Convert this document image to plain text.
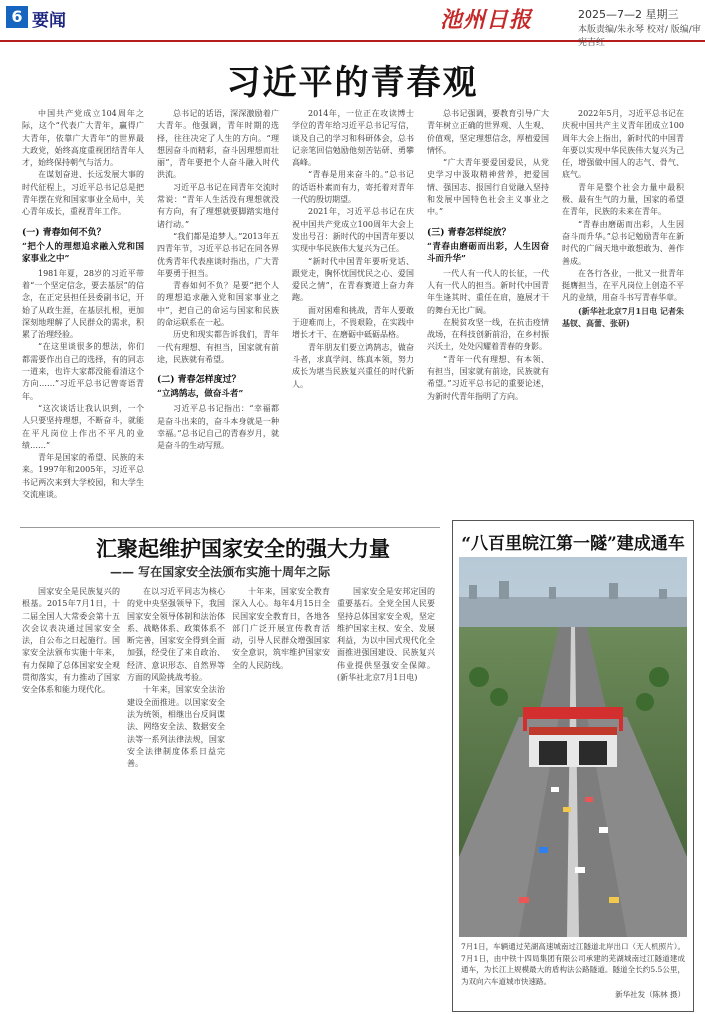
6 要闻	池州日报	2025—7—2 星期三
本版责编/朱永琴 校对/ 版编/审 宪吉红
习近平的青春观

中国共产党成立104周年之际，这个“代表广大青年，赢得广大青年，依靠广大青年”的世界最大政党，始终高度重视团结青年人才，始终保持朝气与活力。

在谋划奋进、长远发展大事的时代征程上，习近平总书记总是把青年摆在党和国家事业全局中，关心青年成长，重视青年工作。

(一) 青春如何不负？
“把个人的理想追求融入党和国家事业之中”

1981年夏，28岁的习近平带着“一个坚定信念，要去基层”的信念，在正定县担任县委副书记，开始了从政生涯，在基层扎根，更加深刻地理解了人民群众的需求，积累了治理经验。

“在这里谈很多的想法，你们都需要作出自己的选择，有的同志一道来，也许大家都没能看清这个方向……”习近平总书记曾寄语青年。

“这次谈话让我认识到，一个人只要坚持理想，不断奋斗，就能在平凡岗位上作出不平凡的业绩……”

青年是国家的希望、民族的未来。1997年和2005年，习近平总书记两次来到大学校园，和大学生交流座谈。

总书记的话语，深深激励着广大青年。他强调，青年时期的选择，往往决定了人生的方向。“理想因奋斗而精彩，奋斗因理想而壮丽”，青年要把个人奋斗融入时代洪流。

习近平总书记在同青年交流时常说：“青年人生活没有理想就没有方向，有了理想就要脚踏实地付诸行动。”

“我们都是追梦人。”2013年五四青年节，习近平总书记在同各界优秀青年代表座谈时指出，广大青年要勇于担当。

青春如何不负？是要“把个人的理想追求融入党和国家事业之中”，把自己的命运与国家和民族的命运联系在一起。

历史和现实都告诉我们，青年一代有理想、有担当，国家就有前途，民族就有希望。

(二) 青春怎样度过？
“立鸿鹄志，做奋斗者”

习近平总书记指出：“幸福都是奋斗出来的，奋斗本身就是一种幸福。”总书记自己的青春岁月，就是奋斗的生动写照。

2014年，一位正在攻读博士学位的青年给习近平总书记写信，谈及自己的学习和科研体会，总书记亲笔回信勉励他刻苦钻研、勇攀高峰。

“青春是用来奋斗的。”总书记的话语朴素而有力，寄托着对青年一代的殷切期望。

2021年，习近平总书记在庆祝中国共产党成立100周年大会上发出号召：新时代的中国青年要以实现中华民族伟大复兴为己任。

“新时代中国青年要听党话、跟党走，胸怀忧国忧民之心、爱国爱民之情”，在青春赛道上奋力奔跑。

面对困难和挑战，青年人要敢于迎难而上，不畏艰险，在实践中增长才干、在磨砺中砥砺品格。

青年朋友们要立鸿鹄志，做奋斗者，求真学问、练真本领，努力成长为堪当民族复兴重任的时代新人。

总书记强调，要教育引导广大青年树立正确的世界观、人生观、价值观，坚定理想信念，厚植爱国情怀。

“广大青年要爱国爱民，从党史学习中汲取精神营养，把爱国情、强国志、报国行自觉融入坚持和发展中国特色社会主义事业之中。”

(三) 青春怎样绽放？
“青春由磨砺而出彩，人生因奋斗而升华”

一代人有一代人的长征，一代人有一代人的担当。新时代中国青年生逢其时、重任在肩，施展才干的舞台无比广阔。

在脱贫攻坚一线，在抗击疫情战场，在科技创新前沿，在乡村振兴沃土，处处闪耀着青春的身影。

“青年一代有理想、有本领、有担当，国家就有前途，民族就有希望。”习近平总书记的重要论述，为新时代青年指明了方向。

2022年5月，习近平总书记在庆祝中国共产主义青年团成立100周年大会上指出，新时代的中国青年要以实现中华民族伟大复兴为己任，增强做中国人的志气、骨气、底气。

青年是整个社会力量中最积极、最有生气的力量，国家的希望在青年，民族的未来在青年。

“青春由磨砺而出彩，人生因奋斗而升华。”总书记勉励青年在新时代的广阔天地中敢想敢为、善作善成。

在各行各业，一批又一批青年挺膺担当，在平凡岗位上创造不平凡的业绩，用奋斗书写青春华章。

(新华社北京7月1日电 记者朱基钗、高蕾、张研)

汇聚起维护国家安全的强大力量
—— 写在国家安全法颁布实施十周年之际

国家安全是民族复兴的根基。2015年7月1日，十二届全国人大常委会第十五次会议表决通过国家安全法，自公布之日起施行。国家安全法颁布实施十年来，有力保障了总体国家安全观贯彻落实，有力推动了国家安全体系和能力现代化。

在以习近平同志为核心的党中央坚强领导下，我国国家安全领导体制和法治体系、战略体系、政策体系不断完善，国家安全得到全面加强，经受住了来自政治、经济、意识形态、自然界等方面的风险挑战考验。

十年来，国家安全法治建设全面推进。以国家安全法为统领，相继出台反间谍法、网络安全法、数据安全法等一系列法律法规，国家安全法律制度体系日益完善。

十年来，国家安全教育深入人心。每年4月15日全民国家安全教育日，各地各部门广泛开展宣传教育活动，引导人民群众增强国家安全意识，筑牢维护国家安全的人民防线。

国家安全是安邦定国的重要基石。全党全国人民要坚持总体国家安全观，坚定维护国家主权、安全、发展利益，为以中国式现代化全面推进强国建设、民族复兴伟业提供坚强安全保障。(新华社北京7月1日电)

“八百里皖江第一隧”建成通车
7月1日，车辆通过芜湖高速城南过江隧道北岸出口（无人机照片）。7月1日，由中铁十四局集团有限公司承建的芜湖城南过江隧道建成通车，为长江上规模最大的盾构法公路隧道。隧道全长约5.5公里，为双向六车道城市快速路。
新华社发（陈林 摄）
